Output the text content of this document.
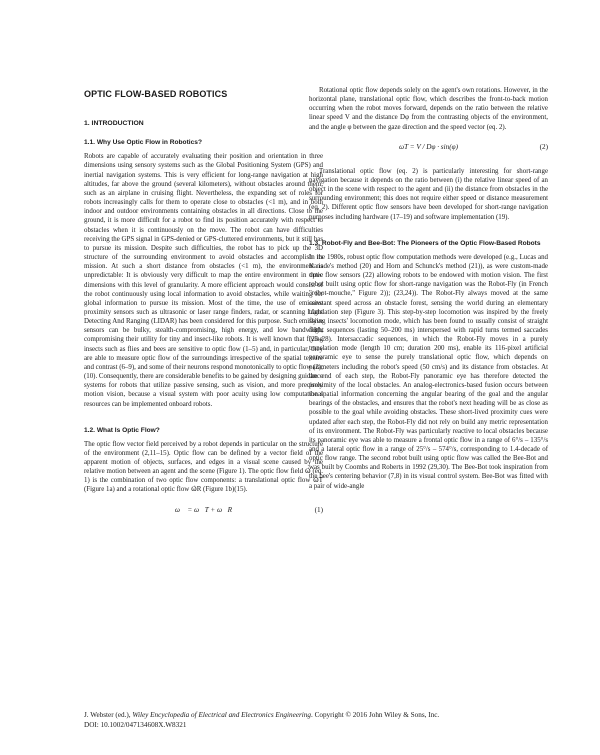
OPTIC FLOW-BASED ROBOTICS
1. INTRODUCTION
1.1. Why Use Optic Flow in Robotics?

Robots are capable of accurately evaluating their position and orientation in three dimensions using sensory systems such as the Global Positioning System (GPS) and inertial navigation systems. This is very efficient for long-range navigation at high altitudes, far above the ground (several kilometers), without obstacles around them, such as an airplane in cruising flight. Nevertheless, the expanding set of roles for robots increasingly calls for them to operate close to obstacles (<1 m), and in both indoor and outdoor environments containing obstacles in all directions. Close to the ground, it is more difficult for a robot to find its position accurately with respect to obstacles when it is continuously on the move. The robot can have difficulties receiving the GPS signal in GPS-denied or GPS-cluttered environments, but it still has to pursue its mission. Despite such difficulties, the robot has to pick up the 3D structure of the surrounding environment to avoid obstacles and accomplish its mission. At such a short distance from obstacles (<1 m), the environment is unpredictable: It is obviously very difficult to map the entire environment in three dimensions with this level of granularity. A more efficient approach would consist of the robot continuously using local information to avoid obstacles, while waiting for global information to pursue its mission. Most of the time, the use of emissive proximity sensors such as ultrasonic or laser range finders, radar, or scanning LIght Detecting And Ranging (LIDAR) has been considered for this purpose. Such emissive sensors can be bulky, stealth-compromising, high energy, and low bandwidth, compromising their utility for tiny and insect-like robots. It is well known that flying insects such as flies and bees are sensitive to optic flow (1–5) and, in particular, they are able to measure optic flow of the surroundings irrespective of the spatial texture and contrast (6–9), and some of their neurons respond monotonically to optic flow (2); (10). Consequently, there are considerable benefits to be gained by designing guidance systems for robots that utilize passive sensing, such as vision, and more precisely motion vision, because a visual system with poor acuity using low computational resources can be implemented onboard robots.

1.2. What Is Optic Flow?

The optic flow vector field perceived by a robot depends in particular on the structure of the environment (2,11–15). Optic flow can be defined by a vector field of the apparent motion of objects, surfaces, and edges in a visual scene caused by the relative motion between an agent and the scene (Figure 1). The optic flow field ω⃗ (eq. 1) is the combination of two optic flow components: a translational optic flow ω⃗T (Figure 1a) and a rotational optic flow ω⃗R (Figure 1b)(15).

ω⃗ = ω⃗T + ω⃗R	(1)

Rotational optic flow depends solely on the agent's own rotations. However, in the horizontal plane, translational optic flow, which describes the front-to-back motion occurring when the robot moves forward, depends on the ratio between the relative linear speed V and the distance Dφ from the contrasting objects of the environment, and the angle φ between the gaze direction and the speed vector (eq. 2).

ωT = V / Dφ · sin(φ)	(2)

Translational optic flow (eq. 2) is particularly interesting for short-range navigation because it depends on the ratio between (i) the relative linear speed of an object in the scene with respect to the agent and (ii) the distance from obstacles in the surrounding environment; this does not require either speed or distance measurement (eq. 2). Different optic flow sensors have been developed for short-range navigation purposes including hardware (17–19) and software implementation (19).

1.3. Robot-Fly and Bee-Bot: The Pioneers of the Optic Flow-Based Robots

In the 1980s, robust optic flow computation methods were developed (e.g., Lucas and Kanade's method (20) and Horn and Schunck's method (21)), as were custom-made optic flow sensors (22) allowing robots to be endowed with motion vision. The first robot built using optic flow for short-range navigation was the Robot-Fly (in French "robot-mouche," Figure 2)); (23,24)). The Robot-Fly always moved at the same constant speed across an obstacle forest, sensing the world during an elementary translation step (Figure 3). This step-by-step locomotion was inspired by the freely flying insects' locomotion mode, which has been found to usually consist of straight flight sequences (lasting 50–200 ms) interspersed with rapid turns termed saccades (25–28). Intersaccadic sequences, in which the Robot-Fly moves in a purely translation mode (length 10 cm; duration 200 ms), enable its 116-pixel artificial panoramic eye to sense the purely translational optic flow, which depends on parameters including the robot's speed (50 cm/s) and its distance from obstacles. At the end of each step, the Robot-Fly panoramic eye has therefore detected the proximity of the local obstacles. An analog-electronics-based fusion occurs between the spatial information concerning the angular bearing of the goal and the angular bearings of the obstacles, and ensures that the robot's next heading will be as close as possible to the goal while avoiding obstacles. These short-lived proximity cues were updated after each step, the Robot-Fly did not rely on build any metric representation of its environment. The Robot-Fly was particularly reactive to local obstacles because its panoramic eye was able to measure a frontal optic flow in a range of 6°/s – 135°/s and a lateral optic flow in a range of 25°/s – 574°/s, corresponding to 1.4-decade of optic flow range. The second robot built using optic flow was called the Bee-Bot and was built by Coombs and Roberts in 1992 (29,30). The Bee-Bot took inspiration from the bee's centering behavior (7,8) in its visual control system. Bee-Bot was fitted with a pair of wide-angle

J. Webster (ed.), Wiley Encyclopedia of Electrical and Electronics Engineering. Copyright © 2016 John Wiley & Sons, Inc.
DOI: 10.1002/047134608X.W8321
